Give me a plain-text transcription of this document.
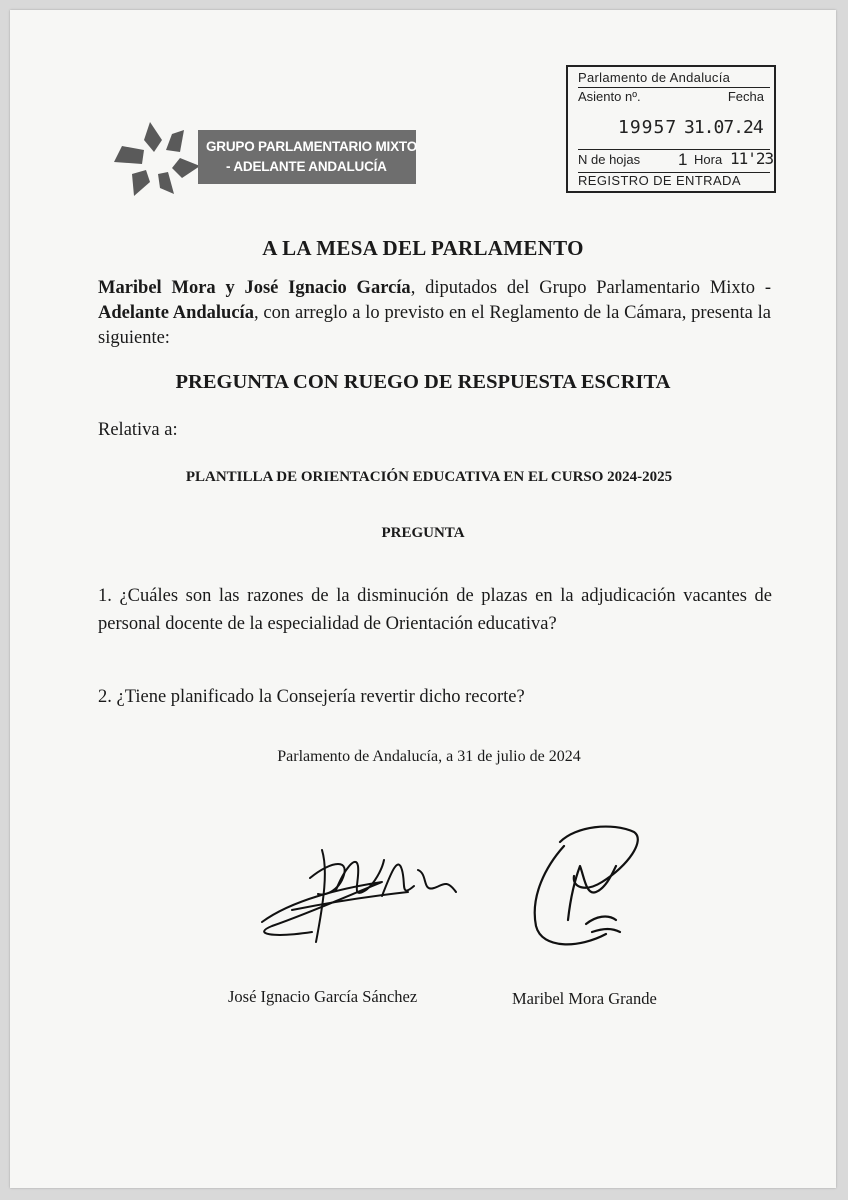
GRUPO PARLAMENTARIO MIXTO
- ADELANTE ANDALUCÍA
Parlamento de Andalucía
Asiento nº.	Fecha
19957 31.07.24
N de hojas 1 Hora 11'23
REGISTRO DE ENTRADA

A LA MESA DEL PARLAMENTO

Maribel Mora y José Ignacio García, diputados del Grupo Parlamentario Mixto - Adelante Andalucía, con arreglo a lo previsto en el Reglamento de la Cámara, presenta la siguiente:

PREGUNTA CON RUEGO DE RESPUESTA ESCRITA

Relativa a:

PLANTILLA DE ORIENTACIÓN EDUCATIVA EN EL CURSO 2024-2025

PREGUNTA

1. ¿Cuáles son las razones de la disminución de plazas en la adjudicación vacantes de personal docente de la especialidad de Orientación educativa?

2. ¿Tiene planificado la Consejería revertir dicho recorte?

Parlamento de Andalucía, a 31 de julio de 2024

José Ignacio García Sánchez	Maribel Mora Grande
